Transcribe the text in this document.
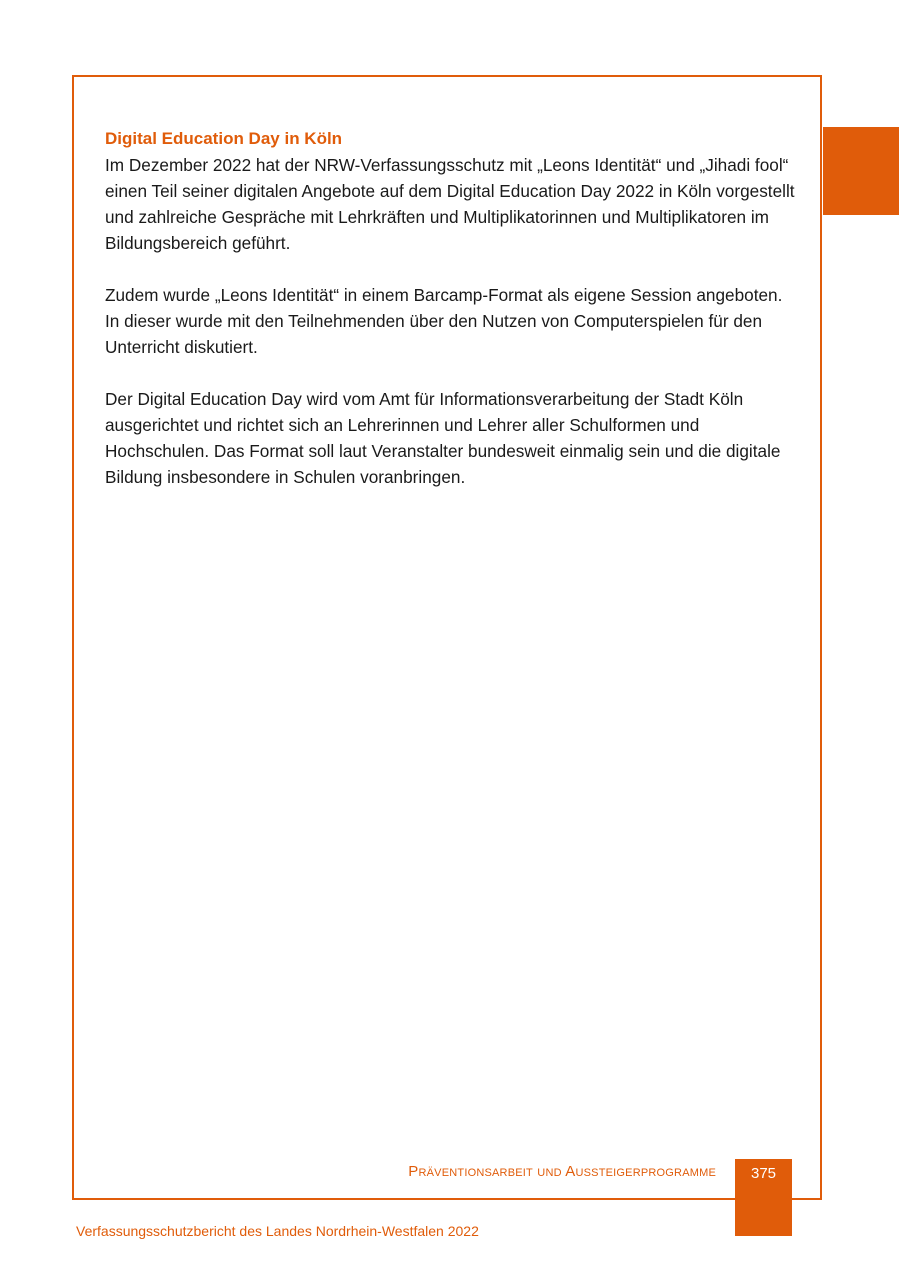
Digital Education Day in Köln

Im Dezember 2022 hat der NRW-Verfassungsschutz mit „Leons Identität“ und „Jihadi fool“ einen Teil seiner digitalen Angebote auf dem Digital Education Day 2022 in Köln vorgestellt und zahlreiche Gespräche mit Lehrkräften und Multiplikatorinnen und Multiplikatoren im Bildungsbereich geführt.

Zudem wurde „Leons Identität“ in einem Barcamp-Format als eigene Session angeboten. In dieser wurde mit den Teilnehmenden über den Nutzen von Computerspielen für den Unterricht diskutiert.

Der Digital Education Day wird vom Amt für Informationsverarbeitung der Stadt Köln ausgerichtet und richtet sich an Lehrerinnen und Lehrer aller Schulformen und Hochschulen. Das Format soll laut Veranstalter bundesweit einmalig sein und die digitale Bildung insbesondere in Schulen voranbringen.

Präventionsarbeit und Aussteigerprogramme	375
Verfassungsschutzbericht des Landes Nordrhein-Westfalen 2022
